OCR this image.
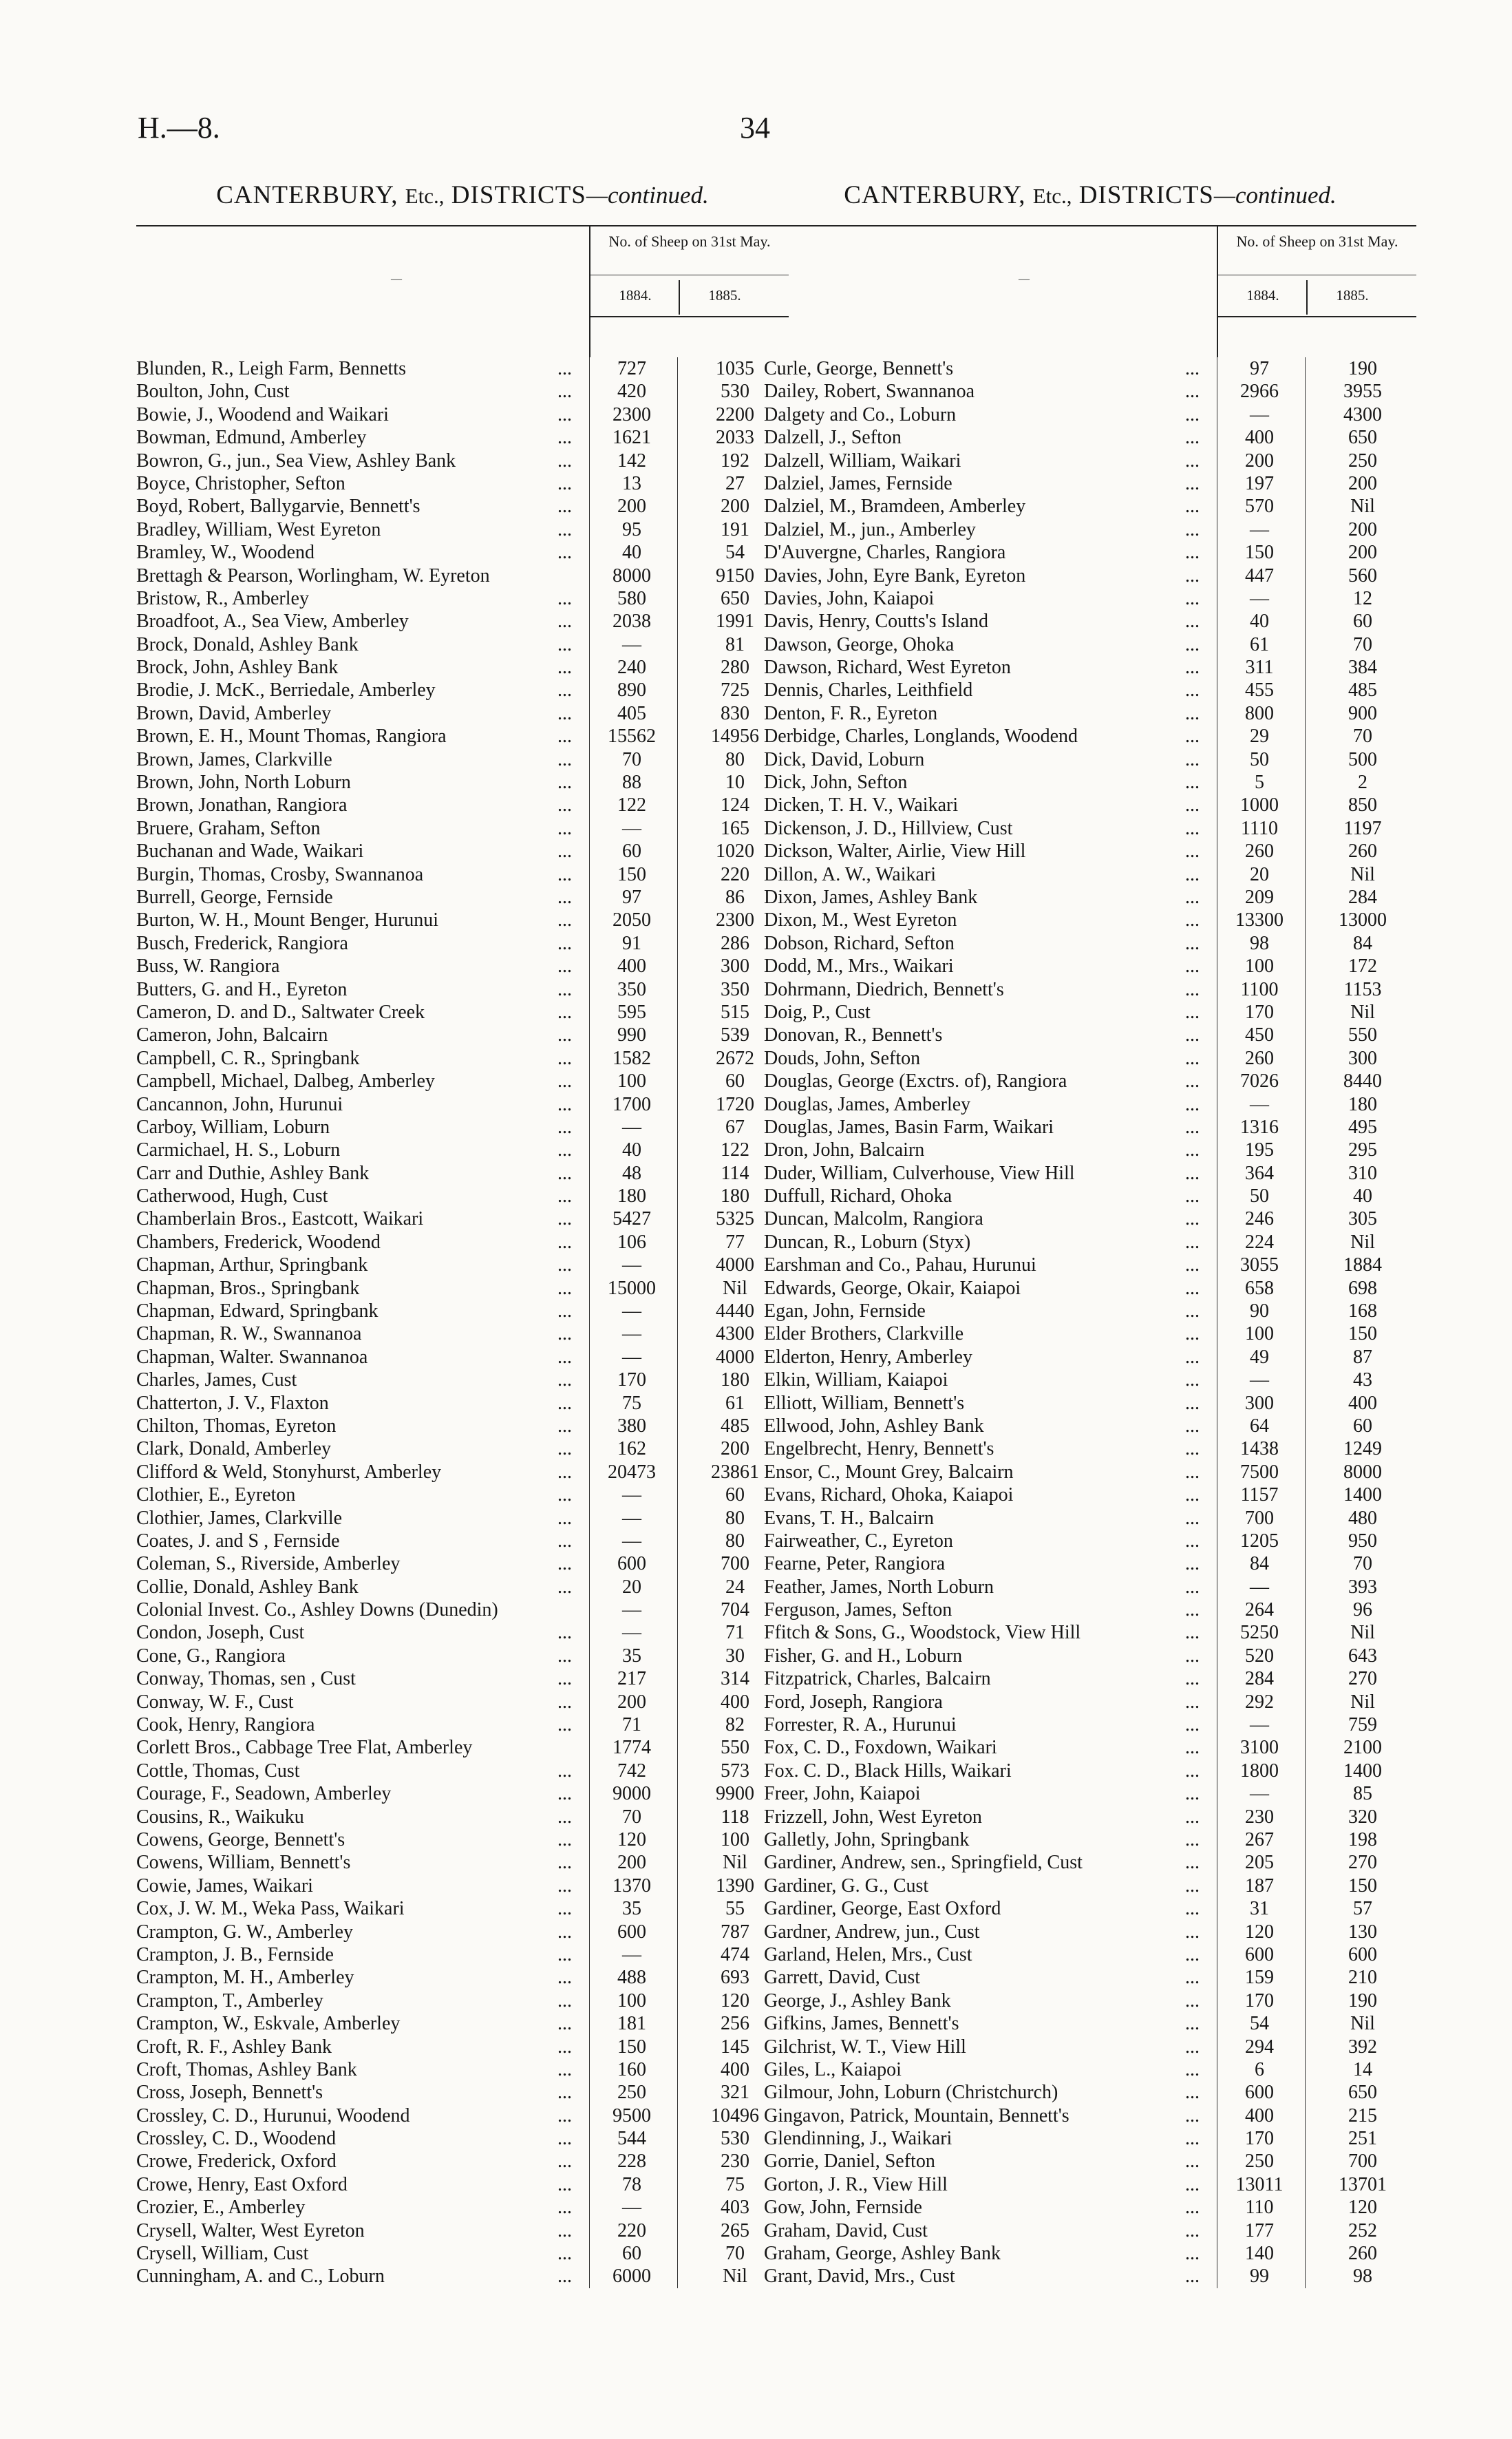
H.—8.	34
CANTERBURY, Etc., DISTRICTS—continued.
—
No. of Sheep on 31st May.
1884.	1885.
...
Blunden, R., Leigh Farm, Bennetts	727	1035
...
Boulton, John, Cust	420	530
...
Bowie, J., Woodend and Waikari	2300	2200
...
Bowman, Edmund, Amberley	1621	2033
...
Bowron, G., jun., Sea View, Ashley Bank	142	192
...
Boyce, Christopher, Sefton	13	27
...
Boyd, Robert, Ballygarvie, Bennett's	200	200
...
Bradley, William, West Eyreton	95	191
...
Bramley, W., Woodend	40	54
Brettagh & Pearson, Worlingham, W. Eyreton	8000	9150
...
Bristow, R., Amberley	580	650
...
Broadfoot, A., Sea View, Amberley	2038	1991
...
Brock, Donald, Ashley Bank	—	81
...
Brock, John, Ashley Bank	240	280
...
Brodie, J. McK., Berriedale, Amberley	890	725
...
Brown, David, Amberley	405	830
...
Brown, E. H., Mount Thomas, Rangiora	15562	14956
...
Brown, James, Clarkville	70	80
...
Brown, John, North Loburn	88	10
...
Brown, Jonathan, Rangiora	122	124
...
Bruere, Graham, Sefton	—	165
...
Buchanan and Wade, Waikari	60	1020
...
Burgin, Thomas, Crosby, Swannanoa	150	220
...
Burrell, George, Fernside	97	86
...
Burton, W. H., Mount Benger, Hurunui	2050	2300
...
Busch, Frederick, Rangiora	91	286
...
Buss, W. Rangiora	400	300
...
Butters, G. and H., Eyreton	350	350
...
Cameron, D. and D., Saltwater Creek	595	515
...
Cameron, John, Balcairn	990	539
...
Campbell, C. R., Springbank	1582	2672
...
Campbell, Michael, Dalbeg, Amberley	100	60
...
Cancannon, John, Hurunui	1700	1720
...
Carboy, William, Loburn	—	67
...
Carmichael, H. S., Loburn	40	122
...
Carr and Duthie, Ashley Bank	48	114
...
Catherwood, Hugh, Cust	180	180
...
Chamberlain Bros., Eastcott, Waikari	5427	5325
...
Chambers, Frederick, Woodend	106	77
...
Chapman, Arthur, Springbank	—	4000
...
Chapman, Bros., Springbank	15000	Nil
...
Chapman, Edward, Springbank	—	4440
...
Chapman, R. W., Swannanoa	—	4300
...
Chapman, Walter. Swannanoa	—	4000
...
Charles, James, Cust	170	180
...
Chatterton, J. V., Flaxton	75	61
...
Chilton, Thomas, Eyreton	380	485
...
Clark, Donald, Amberley	162	200
...
Clifford & Weld, Stonyhurst, Amberley	20473	23861
...
Clothier, E., Eyreton	—	60
...
Clothier, James, Clarkville	—	80
...
Coates, J. and S , Fernside	—	80
...
Coleman, S., Riverside, Amberley	600	700
...
Collie, Donald, Ashley Bank	20	24
Colonial Invest. Co., Ashley Downs (Dunedin)	—	704
...
Condon, Joseph, Cust	—	71
...
Cone, G., Rangiora	35	30
...
Conway, Thomas, sen , Cust	217	314
...
Conway, W. F., Cust	200	400
...
Cook, Henry, Rangiora	71	82
Corlett Bros., Cabbage Tree Flat, Amberley	1774	550
...
Cottle, Thomas, Cust	742	573
...
Courage, F., Seadown, Amberley	9000	9900
...
Cousins, R., Waikuku	70	118
...
Cowens, George, Bennett's	120	100
...
Cowens, William, Bennett's	200	Nil
...
Cowie, James, Waikari	1370	1390
...
Cox, J. W. M., Weka Pass, Waikari	35	55
...
Crampton, G. W., Amberley	600	787
...
Crampton, J. B., Fernside	—	474
...
Crampton, M. H., Amberley	488	693
...
Crampton, T., Amberley	100	120
...
Crampton, W., Eskvale, Amberley	181	256
...
Croft, R. F., Ashley Bank	150	145
...
Croft, Thomas, Ashley Bank	160	400
...
Cross, Joseph, Bennett's	250	321
...
Crossley, C. D., Hurunui, Woodend	9500	10496
...
Crossley, C. D., Woodend	544	530
...
Crowe, Frederick, Oxford	228	230
...
Crowe, Henry, East Oxford	78	75
...
Crozier, E., Amberley	—	403
...
Crysell, Walter, West Eyreton	220	265
...
Crysell, William, Cust	60	70
...
Cunningham, A. and C., Loburn	6000	Nil
CANTERBURY, Etc., DISTRICTS—continued.
—
No. of Sheep on 31st May.
1884.	1885.
...
Curle, George, Bennett's	97	190
...
Dailey, Robert, Swannanoa	2966	3955
...
Dalgety and Co., Loburn	—	4300
...
Dalzell, J., Sefton	400	650
...
Dalzell, William, Waikari	200	250
...
Dalziel, James, Fernside	197	200
...
Dalziel, M., Bramdeen, Amberley	570	Nil
...
Dalziel, M., jun., Amberley	—	200
...
D'Auvergne, Charles, Rangiora	150	200
...
Davies, John, Eyre Bank, Eyreton	447	560
...
Davies, John, Kaiapoi	—	12
...
Davis, Henry, Coutts's Island	40	60
...
Dawson, George, Ohoka	61	70
...
Dawson, Richard, West Eyreton	311	384
...
Dennis, Charles, Leithfield	455	485
...
Denton, F. R., Eyreton	800	900
...
Derbidge, Charles, Longlands, Woodend	29	70
...
Dick, David, Loburn	50	500
...
Dick, John, Sefton	5	2
...
Dicken, T. H. V., Waikari	1000	850
...
Dickenson, J. D., Hillview, Cust	1110	1197
...
Dickson, Walter, Airlie, View Hill	260	260
...
Dillon, A. W., Waikari	20	Nil
...
Dixon, James, Ashley Bank	209	284
...
Dixon, M., West Eyreton	13300	13000
...
Dobson, Richard, Sefton	98	84
...
Dodd, M., Mrs., Waikari	100	172
...
Dohrmann, Diedrich, Bennett's	1100	1153
...
Doig, P., Cust	170	Nil
...
Donovan, R., Bennett's	450	550
...
Douds, John, Sefton	260	300
...
Douglas, George (Exctrs. of), Rangiora	7026	8440
...
Douglas, James, Amberley	—	180
...
Douglas, James, Basin Farm, Waikari	1316	495
...
Dron, John, Balcairn	195	295
...
Duder, William, Culverhouse, View Hill	364	310
...
Duffull, Richard, Ohoka	50	40
...
Duncan, Malcolm, Rangiora	246	305
...
Duncan, R., Loburn (Styx)	224	Nil
...
Earshman and Co., Pahau, Hurunui	3055	1884
...
Edwards, George, Okair, Kaiapoi	658	698
...
Egan, John, Fernside	90	168
...
Elder Brothers, Clarkville	100	150
...
Elderton, Henry, Amberley	49	87
...
Elkin, William, Kaiapoi	—	43
...
Elliott, William, Bennett's	300	400
...
Ellwood, John, Ashley Bank	64	60
...
Engelbrecht, Henry, Bennett's	1438	1249
...
Ensor, C., Mount Grey, Balcairn	7500	8000
...
Evans, Richard, Ohoka, Kaiapoi	1157	1400
...
Evans, T. H., Balcairn	700	480
...
Fairweather, C., Eyreton	1205	950
...
Fearne, Peter, Rangiora	84	70
...
Feather, James, North Loburn	—	393
...
Ferguson, James, Sefton	264	96
...
Ffitch & Sons, G., Woodstock, View Hill	5250	Nil
...
Fisher, G. and H., Loburn	520	643
...
Fitzpatrick, Charles, Balcairn	284	270
...
Ford, Joseph, Rangiora	292	Nil
...
Forrester, R. A., Hurunui	—	759
...
Fox, C. D., Foxdown, Waikari	3100	2100
...
Fox. C. D., Black Hills, Waikari	1800	1400
...
Freer, John, Kaiapoi	—	85
...
Frizzell, John, West Eyreton	230	320
...
Galletly, John, Springbank	267	198
...
Gardiner, Andrew, sen., Springfield, Cust	205	270
...
Gardiner, G. G., Cust	187	150
...
Gardiner, George, East Oxford	31	57
...
Gardner, Andrew, jun., Cust	120	130
...
Garland, Helen, Mrs., Cust	600	600
...
Garrett, David, Cust	159	210
...
George, J., Ashley Bank	170	190
...
Gifkins, James, Bennett's	54	Nil
...
Gilchrist, W. T., View Hill	294	392
...
Giles, L., Kaiapoi	6	14
...
Gilmour, John, Loburn (Christchurch)	600	650
...
Gingavon, Patrick, Mountain, Bennett's	400	215
...
Glendinning, J., Waikari	170	251
...
Gorrie, Daniel, Sefton	250	700
...
Gorton, J. R., View Hill	13011	13701
...
Gow, John, Fernside	110	120
...
Graham, David, Cust	177	252
...
Graham, George, Ashley Bank	140	260
...
Grant, David, Mrs., Cust	99	98
